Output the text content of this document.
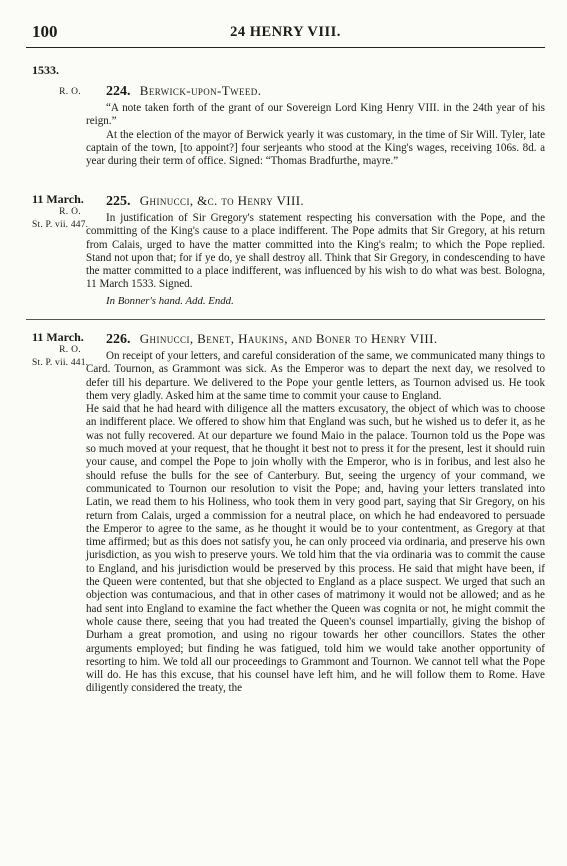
100	24 HENRY VIII.
1533.
R. O.	224. Berwick-upon-Tweed.

“A note taken forth of the grant of our Sovereign Lord King Henry VIII. in the 24th year of his reign.”

At the election of the mayor of Berwick yearly it was customary, in the time of Sir Will. Tyler, late captain of the town, [to appoint?] four serjeants who stood at the King's wages, receiving 106s. 8d. a year during their term of office. Signed: “Thomas Bradfurthe, mayre.”

11 March.
R. O.
St. P. vii. 447.
225. Ghinucci, &c. to Henry VIII.

In justification of Sir Gregory's statement respecting his conversation with the Pope, and the committing of the King's cause to a place indifferent. The Pope admits that Sir Gregory, at his return from Calais, urged to have the matter committed into the King's realm; to which the Pope replied. Stand not upon that; for if ye do, ye shall destroy all. Think that Sir Gregory, in condescending to have the matter committed to a place indifferent, was influenced by his wish to do what was best. Bologna, 11 March 1533. Signed.

In Bonner's hand. Add. Endd.
11 March.
R. O.
St. P. vii. 441.
226. Ghinucci, Benet, Haukins, and Boner to Henry VIII.

On receipt of your letters, and careful consideration of the same, we communicated many things to Card. Tournon, as Grammont was sick. As the Emperor was to depart the next day, we resolved to defer till his departure. We delivered to the Pope your gentle letters, as Tournon advised us. He took them very gladly. Asked him at the same time to commit your cause to England.

He said that he had heard with diligence all the matters excusatory, the object of which was to choose an indifferent place. We offered to show him that England was such, but he wished us to defer it, as he was not fully recovered. At our departure we found Maio in the palace. Tournon told us the Pope was so much moved at your request, that he thought it best not to press it for the present, lest it should ruin your cause, and compel the Pope to join wholly with the Emperor, who is in foribus, and lest also he should refuse the bulls for the see of Canterbury. But, seeing the urgency of your command, we communicated to Tournon our resolution to visit the Pope; and, having your letters translated into Latin, we read them to his Holiness, who took them in very good part, saying that Sir Gregory, on his return from Calais, urged a commission for a neutral place, on which he had endeavored to persuade the Emperor to agree to the same, as he thought it would be to your contentment, as Gregory at that time affirmed; but as this does not satisfy you, he can only proceed via ordinaria, and preserve his own jurisdiction, as you wish to preserve yours. We told him that the via ordinaria was to commit the cause to England, and his jurisdiction would be preserved by this process. He said that might have been, if the Queen were contented, but that she objected to England as a place suspect. We urged that such an objection was contumacious, and that in other cases of matrimony it would not be allowed; and as he had sent into England to examine the fact whether the Queen was cognita or not, he might commit the whole cause there, seeing that you had treated the Queen's counsel impartially, giving the bishop of Durham a great promotion, and using no rigour towards her other councillors. States the other arguments employed; but finding he was fatigued, told him we would take another opportunity of resorting to him. We told all our proceedings to Grammont and Tournon. We cannot tell what the Pope will do. He has this excuse, that his counsel have left him, and he will follow them to Rome. Have diligently considered the treaty, the
